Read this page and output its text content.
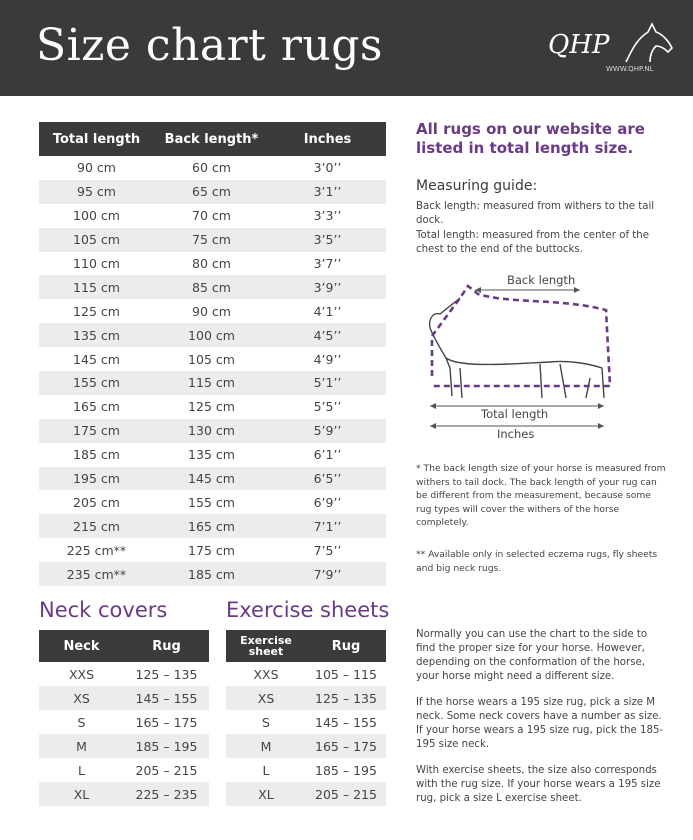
Size chart rugs	QHP
WWW.QHP.NL
Total length	Back length*	Inches
90 cm	60 cm	3’0’’
95 cm	65 cm	3’1’’
100 cm	70 cm	3’3’’
105 cm	75 cm	3’5’’
110 cm	80 cm	3’7’’
115 cm	85 cm	3’9’’
125 cm	90 cm	4’1’’
135 cm	100 cm	4’5’’
145 cm	105 cm	4’9’’
155 cm	115 cm	5’1’’
165 cm	125 cm	5’5’’
175 cm	130 cm	5’9’’
185 cm	135 cm	6’1’’
195 cm	145 cm	6’5’’
205 cm	155 cm	6’9’’
215 cm	165 cm	7’1’’
225 cm**	175 cm	7’5’’
235 cm**	185 cm	7’9’’
Neck covers
Neck	Rug
XXS	125 – 135
XS	145 – 155
S	165 – 175
M	185 – 195
L	205 – 215
XL	225 – 235
Exercise sheets
Exercise sheet	Rug
XXS	105 – 115
XS	125 – 135
S	145 – 155
M	165 – 175
L	185 – 195
XL	205 – 215
All rugs on our website are listed in total length size.
Measuring guide:
Back length: measured from withers to the tail dock.
Total length: measured from the center of the chest to the end of the buttocks.
Back length
Total length
Inches
* The back length size of your horse is measured from withers to tail dock. The back length of your rug can be different from the measurement, because some rug types will cover the withers of the horse completely.
** Available only in selected eczema rugs, fly sheets and big neck rugs.
Normally you can use the chart to the side to find the proper size for your horse. However, depending on the conformation of the horse, your horse might need a different size.
If the horse wears a 195 size rug, pick a size M neck. Some neck covers have a number as size. If your horse wears a 195 size rug, pick the 185-195 size neck.
With exercise sheets, the size also corresponds with the rug size. If your horse wears a 195 size rug, pick a size L exercise sheet.
